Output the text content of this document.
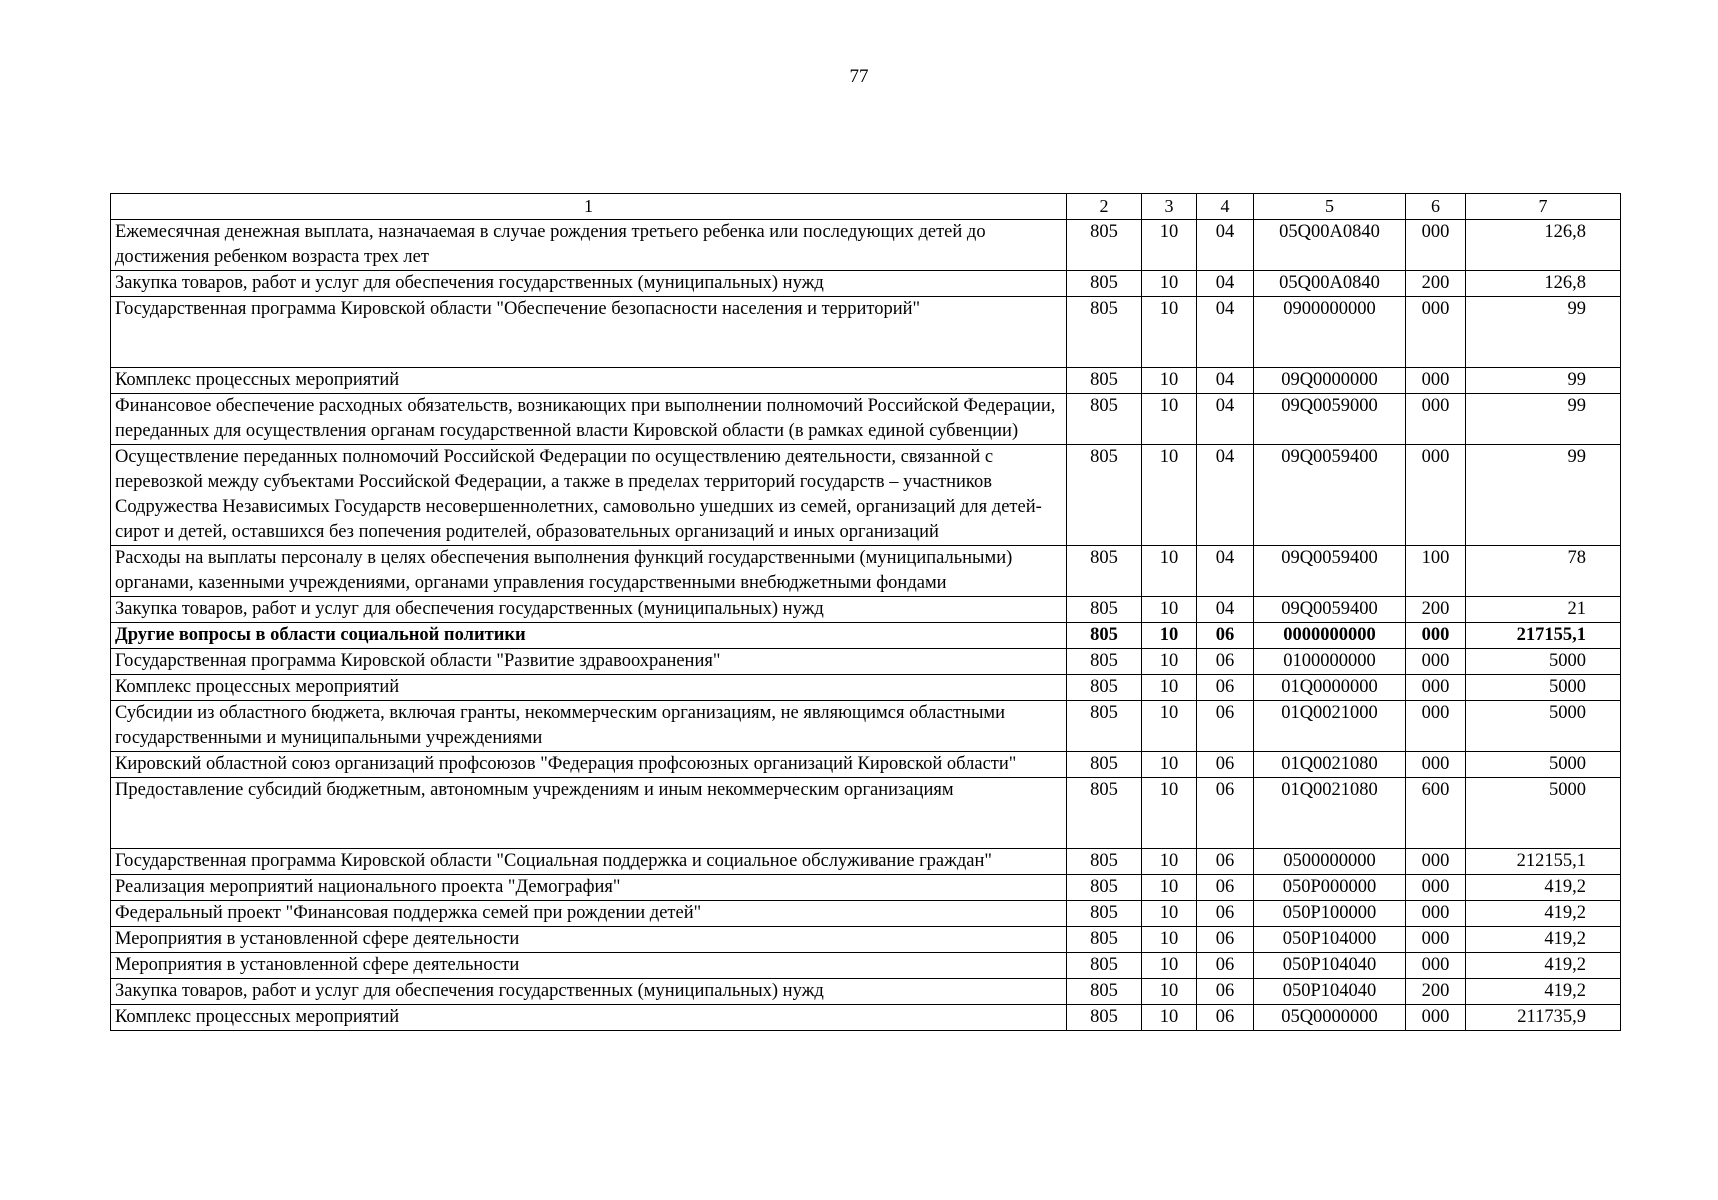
77
1	2	3	4	5	6	7
Ежемесячная денежная выплата, назначаемая в случае рождения третьего ребенка или последующих детей до достижения ребенком возраста трех лет	805	10	04	05Q00A0840	000	126,8
Закупка товаров, работ и услуг для обеспечения государственных (муниципальных) нужд	805	10	04	05Q00A0840	200	126,8
Государственная программа Кировской области "Обеспечение безопасности населения и территорий"	805	10	04	0900000000	000	99
Комплекс процессных мероприятий	805	10	04	09Q0000000	000	99
Финансовое обеспечение расходных обязательств, возникающих при выполнении полномочий Российской Федерации, переданных для осуществления органам государственной власти Кировской области (в рамках единой субвенции)	805	10	04	09Q0059000	000	99
Осуществление переданных полномочий Российской Федерации по осуществлению деятельности, связанной с перевозкой между субъектами Российской Федерации, а также в пределах территорий государств – участников Содружества Независимых Государств несовершеннолетних, самовольно ушедших из семей, организаций для детей-сирот и детей, оставшихся без попечения родителей, образовательных организаций и иных организаций	805	10	04	09Q0059400	000	99
Расходы на выплаты персоналу в целях обеспечения выполнения функций государственными (муниципальными) органами, казенными учреждениями, органами управления государственными внебюджетными фондами	805	10	04	09Q0059400	100	78
Закупка товаров, работ и услуг для обеспечения государственных (муниципальных) нужд	805	10	04	09Q0059400	200	21
Другие вопросы в области социальной политики	805	10	06	0000000000	000	217155,1
Государственная программа Кировской области "Развитие здравоохранения"	805	10	06	0100000000	000	5000
Комплекс процессных мероприятий	805	10	06	01Q0000000	000	5000
Субсидии из областного бюджета, включая гранты, некоммерческим организациям, не являющимся областными государственными и муниципальными учреждениями	805	10	06	01Q0021000	000	5000
Кировский областной союз организаций профсоюзов "Федерация профсоюзных организаций Кировской области"	805	10	06	01Q0021080	000	5000
Предоставление субсидий бюджетным, автономным учреждениям и иным некоммерческим организациям	805	10	06	01Q0021080	600	5000
Государственная программа Кировской области "Социальная поддержка и социальное обслуживание граждан"	805	10	06	0500000000	000	212155,1
Реализация мероприятий национального проекта "Демография"	805	10	06	050P000000	000	419,2
Федеральный проект "Финансовая поддержка семей при рождении детей"	805	10	06	050P100000	000	419,2
Мероприятия в установленной сфере деятельности	805	10	06	050P104000	000	419,2
Мероприятия в установленной сфере деятельности	805	10	06	050P104040	000	419,2
Закупка товаров, работ и услуг для обеспечения государственных (муниципальных) нужд	805	10	06	050P104040	200	419,2
Комплекс процессных мероприятий	805	10	06	05Q0000000	000	211735,9
